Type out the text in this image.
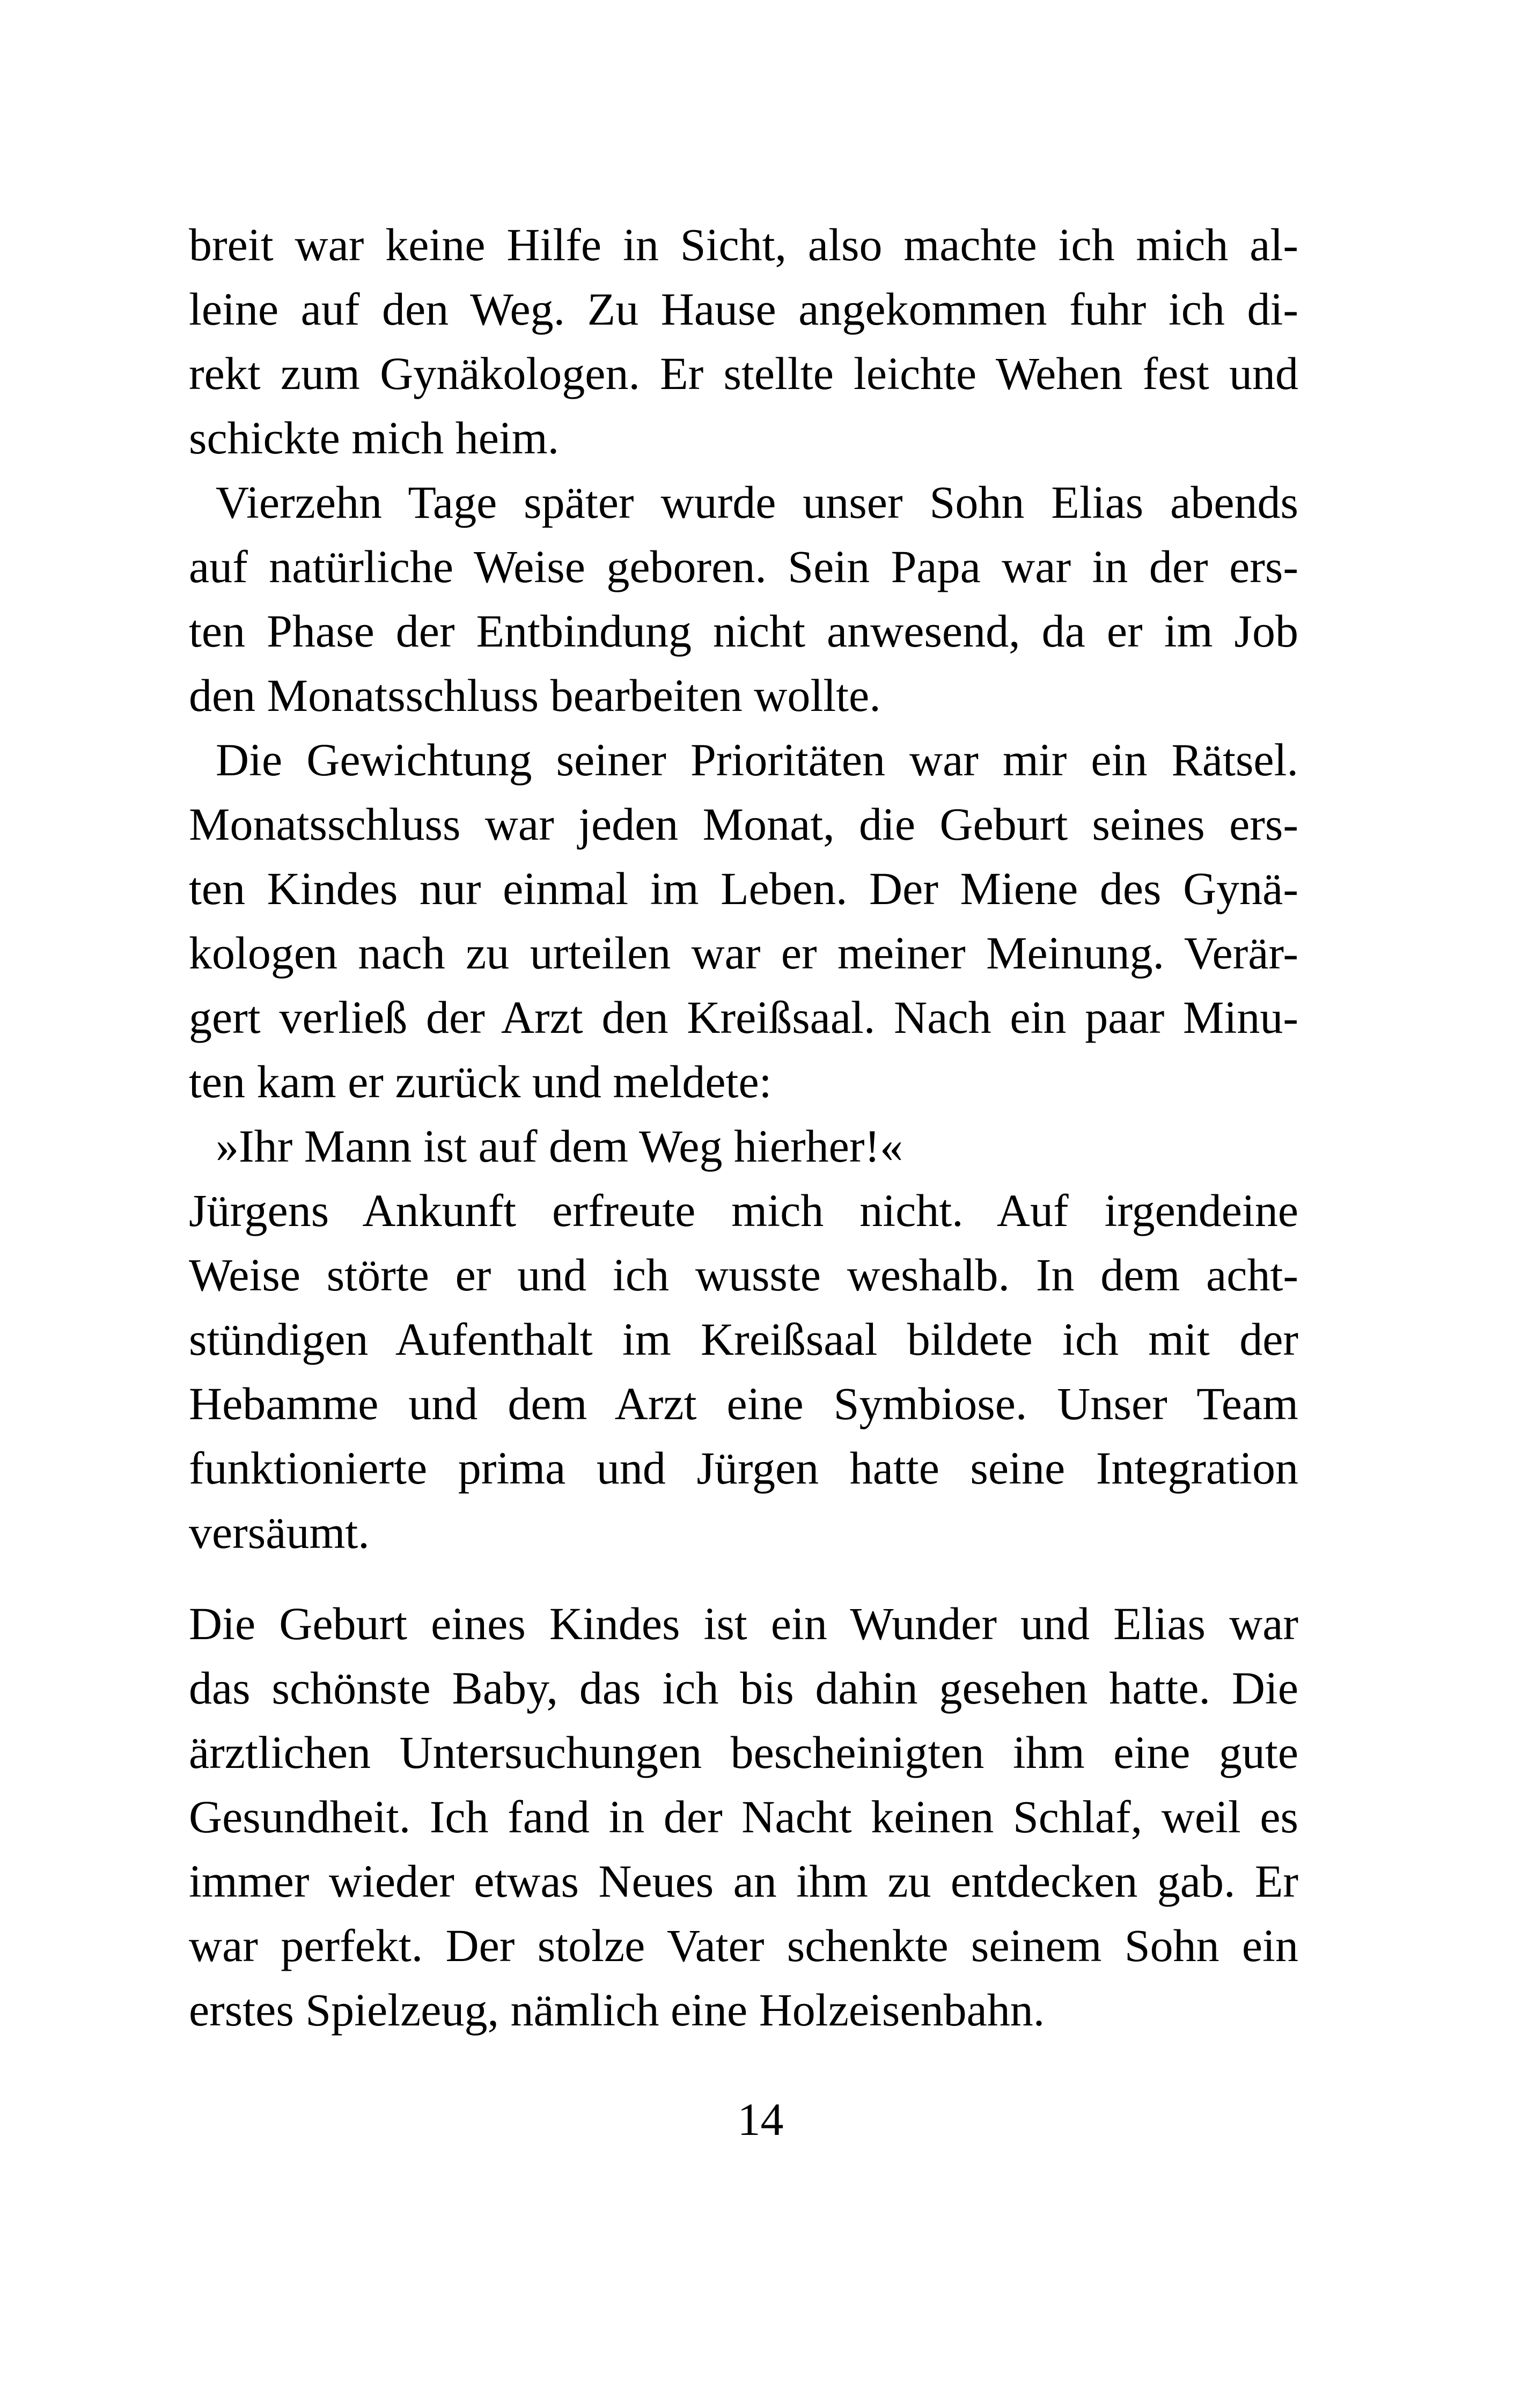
breit war keine Hilfe in Sicht, also machte ich mich al-
leine auf den Weg. Zu Hause angekommen fuhr ich di-
rekt zum Gynäkologen. Er stellte leichte Wehen fest und
schickte mich heim.
Vierzehn Tage später wurde unser Sohn Elias abends
auf natürliche Weise geboren. Sein Papa war in der ers-
ten Phase der Entbindung nicht anwesend, da er im Job
den Monatsschluss bearbeiten wollte.
Die Gewichtung seiner Prioritäten war mir ein Rätsel.
Monatsschluss war jeden Monat, die Geburt seines ers-
ten Kindes nur einmal im Leben. Der Miene des Gynä-
kologen nach zu urteilen war er meiner Meinung. Verär-
gert verließ der Arzt den Kreißsaal. Nach ein paar Minu-
ten kam er zurück und meldete:
»Ihr Mann ist auf dem Weg hierher!«
Jürgens Ankunft erfreute mich nicht. Auf irgendeine
Weise störte er und ich wusste weshalb. In dem acht-
stündigen Aufenthalt im Kreißsaal bildete ich mit der
Hebamme und dem Arzt eine Symbiose. Unser Team
funktionierte prima und Jürgen hatte seine Integration
versäumt.
Die Geburt eines Kindes ist ein Wunder und Elias war
das schönste Baby, das ich bis dahin gesehen hatte. Die
ärztlichen Untersuchungen bescheinigten ihm eine gute
Gesundheit. Ich fand in der Nacht keinen Schlaf, weil es
immer wieder etwas Neues an ihm zu entdecken gab. Er
war perfekt. Der stolze Vater schenkte seinem Sohn ein
erstes Spielzeug, nämlich eine Holzeisenbahn.
14
